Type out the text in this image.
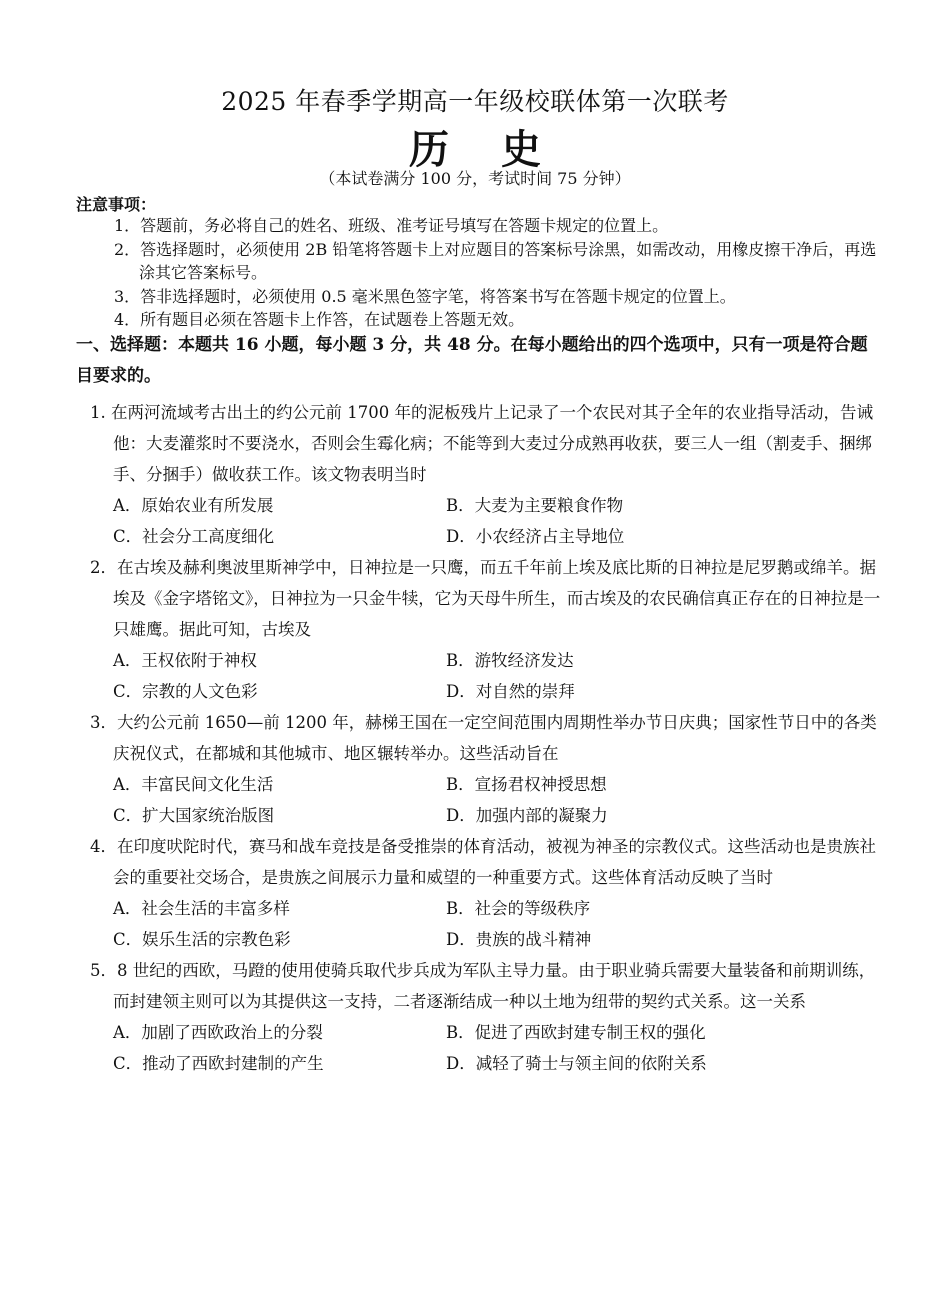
2025 年春季学期高一年级校联体第一次联考
历史
（本试卷满分 100 分，考试时间 75 分钟）
注意事项：
1．答题前，务必将自己的姓名、班级、准考证号填写在答题卡规定的位置上。
2．答选择题时，必须使用 2B 铅笔将答题卡上对应题目的答案标号涂黑，如需改动，用橡皮擦干净后，再选涂其它答案标号。
3．答非选择题时，必须使用 0.5 毫米黑色签字笔，将答案书写在答题卡规定的位置上。
4．所有题目必须在答题卡上作答，在试题卷上答题无效。
一、选择题：本题共 16 小题，每小题 3 分，共 48 分。在每小题给出的四个选项中，只有一项是符合题目要求的。
1. 在两河流域考古出土的约公元前 1700 年的泥板残片上记录了一个农民对其子全年的农业指导活动，告诫他：大麦灌浆时不要浇水，否则会生霉化病；不能等到大麦过分成熟再收获，要三人一组（割麦手、捆绑手、分捆手）做收获工作。该文物表明当时
A．原始农业有所发展	B．大麦为主要粮食作物
C．社会分工高度细化	D．小农经济占主导地位
2．在古埃及赫利奥波里斯神学中，日神拉是一只鹰，而五千年前上埃及底比斯的日神拉是尼罗鹅或绵羊。据埃及《金字塔铭文》，日神拉为一只金牛犊，它为天母牛所生，而古埃及的农民确信真正存在的日神拉是一只雄鹰。据此可知，古埃及
A．王权依附于神权	B．游牧经济发达
C．宗教的人文色彩	D．对自然的崇拜
3．大约公元前 1650—前 1200 年，赫梯王国在一定空间范围内周期性举办节日庆典；国家性节日中的各类庆祝仪式，在都城和其他城市、地区辗转举办。这些活动旨在
A．丰富民间文化生活	B．宣扬君权神授思想
C．扩大国家统治版图	D．加强内部的凝聚力
4．在印度吠陀时代，赛马和战车竞技是备受推崇的体育活动，被视为神圣的宗教仪式。这些活动也是贵族社会的重要社交场合，是贵族之间展示力量和威望的一种重要方式。这些体育活动反映了当时
A．社会生活的丰富多样	B．社会的等级秩序
C．娱乐生活的宗教色彩	D．贵族的战斗精神
5．8 世纪的西欧，马蹬的使用使骑兵取代步兵成为军队主导力量。由于职业骑兵需要大量装备和前期训练，而封建领主则可以为其提供这一支持，二者逐渐结成一种以土地为纽带的契约式关系。这一关系
A．加剧了西欧政治上的分裂	B．促进了西欧封建专制王权的强化
C．推动了西欧封建制的产生	D．减轻了骑士与领主间的依附关系
